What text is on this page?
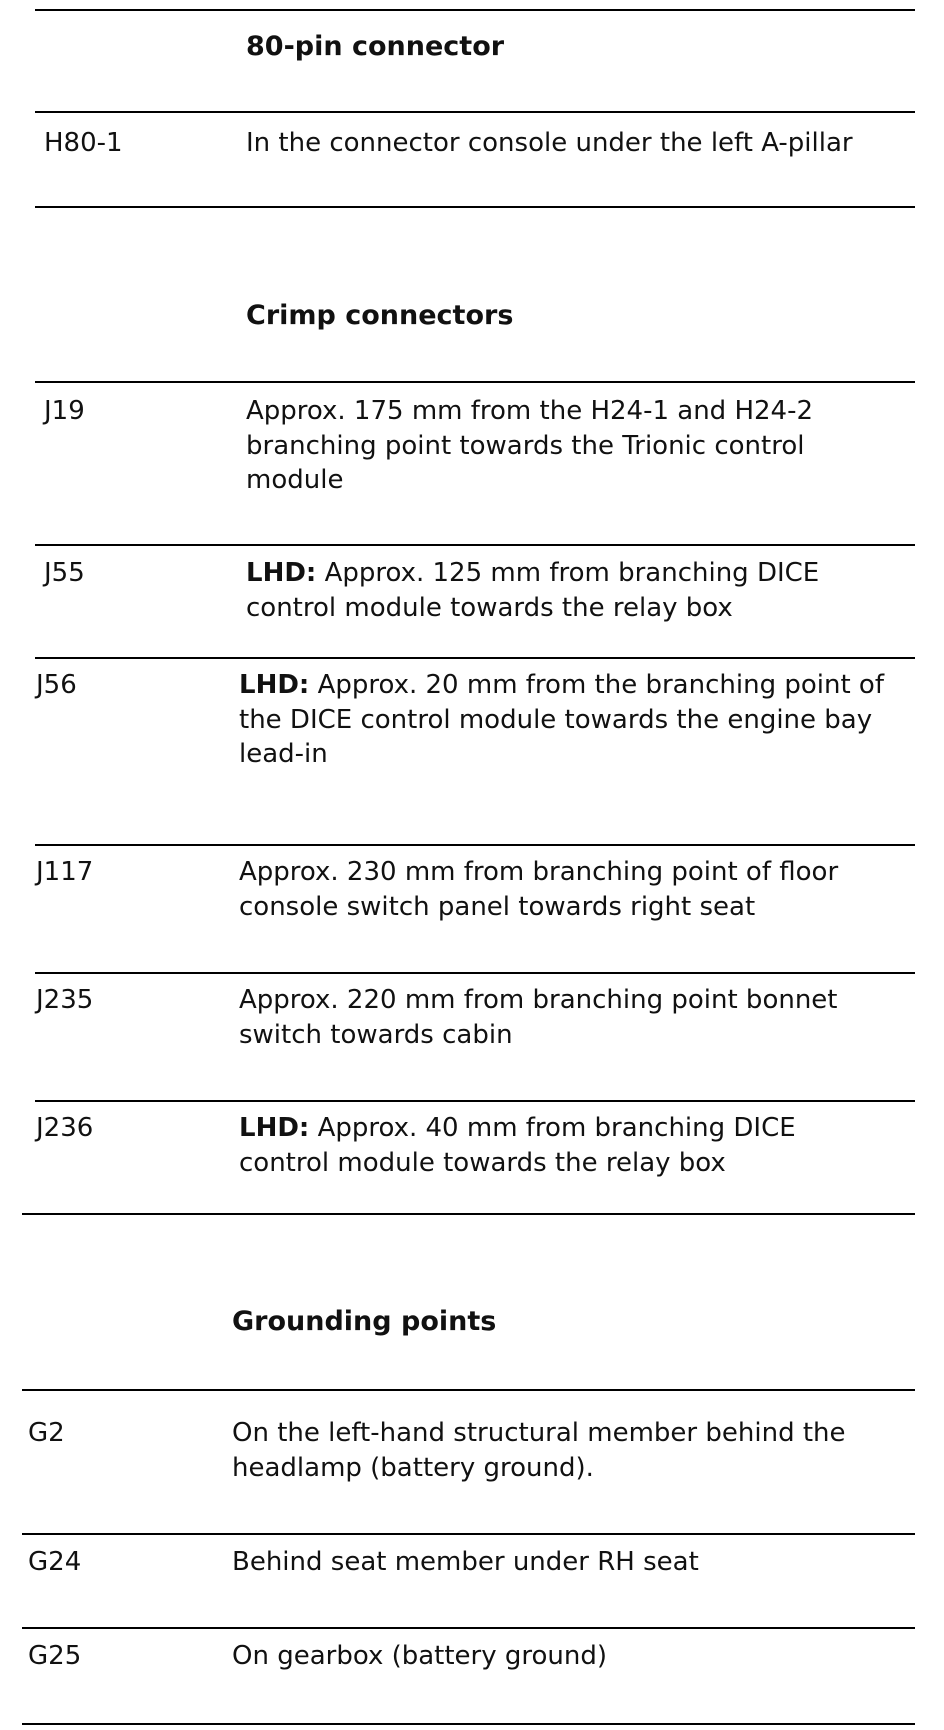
80-pin connector
H80-1	In the connector console under the left A-pillar
Crimp connectors
J19	Approx. 175 mm from the H24-1 and H24-2 branching point towards the Trionic control module
J55	LHD: Approx. 125 mm from branching DICE control module towards the relay box
J56	LHD: Approx. 20 mm from the branching point of the DICE control module towards the engine bay lead-in
J117	Approx. 230 mm from branching point of floor console switch panel towards right seat
J235	Approx. 220 mm from branching point bonnet switch towards cabin
J236	LHD: Approx. 40 mm from branching DICE control module towards the relay box
Grounding points
G2	On the left-hand structural member behind the headlamp (battery ground).
G24	Behind seat member under RH seat
G25	On gearbox (battery ground)
